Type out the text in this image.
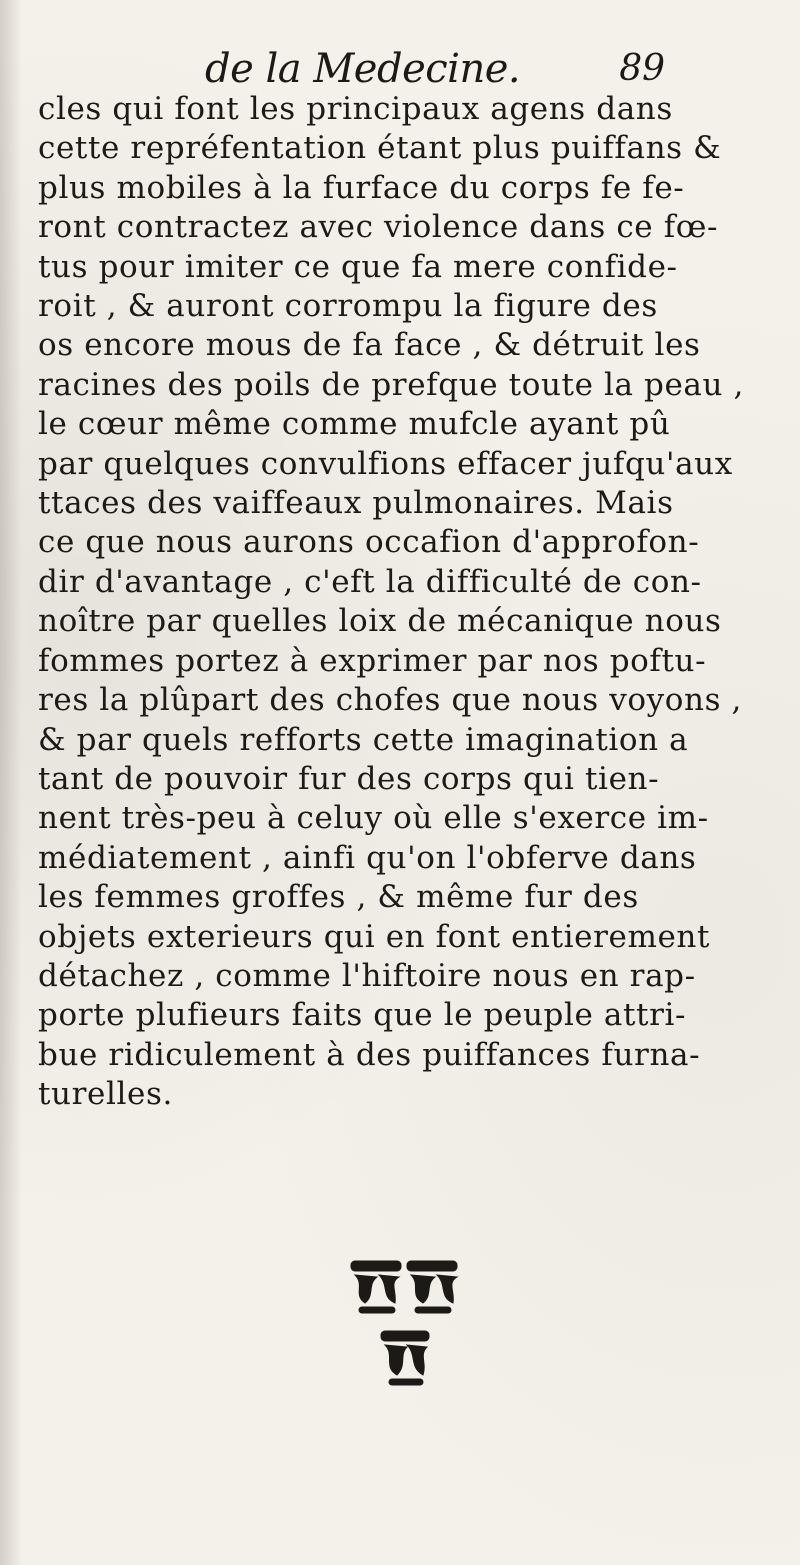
de la Medecine.	89
cles qui font les principaux agens dans
cette repréfentation étant plus puiffans &
plus mobiles à la furface du corps fe fe-
ront contractez avec violence dans ce fœ-
tus pour imiter ce que fa mere confide-
roit , & auront corrompu la figure des
os encore mous de fa face , & détruit les
racines des poils de prefque toute la peau ,
le cœur même comme mufcle ayant pû
par quelques convulfions effacer jufqu'aux
ttaces des vaiffeaux pulmonaires. Mais
ce que nous aurons occafion d'approfon-
dir d'avantage , c'eft la difficulté de con-
noître par quelles loix de mécanique nous
fommes portez à exprimer par nos poftu-
res la plûpart des chofes que nous voyons ,
& par quels refforts cette imagination a
tant de pouvoir fur des corps qui tien-
nent très-peu à celuy où elle s'exerce im-
médiatement , ainfi qu'on l'obferve dans
les femmes groffes , & même fur des
objets exterieurs qui en font entierement
détachez , comme l'hiftoire nous en rap-
porte plufieurs faits que le peuple attri-
bue ridiculement à des puiffances furna-
turelles.
